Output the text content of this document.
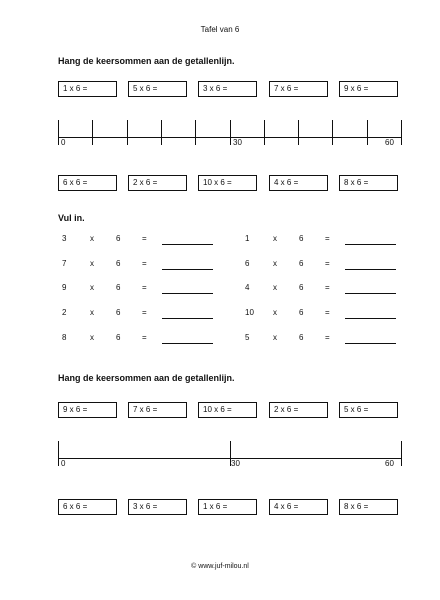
Tafel van 6
Hang de keersommen aan de getallenlijn.
1 x 6 =	5 x 6 =	3 x 6 =	7 x 6 =	9 x 6 =
0	30	60
6 x 6 =	2 x 6 =	10 x 6 =	4 x 6 =	8 x 6 =
Vul in.
3	x	6	=
7	x	6	=
9	x	6	=
2	x	6	=
8	x	6	=
1	x	6	=
6	x	6	=
4	x	6	=
10 x	6	=
5	x	6	=
Hang de keersommen aan de getallenlijn.
9 x 6 =	7 x 6 =	10 x 6 =	2 x 6 =	5 x 6 =
0	30	60
6 x 6 =	3 x 6 =	1 x 6 =	4 x 6 =	8 x 6 =
© www.juf-milou.nl
